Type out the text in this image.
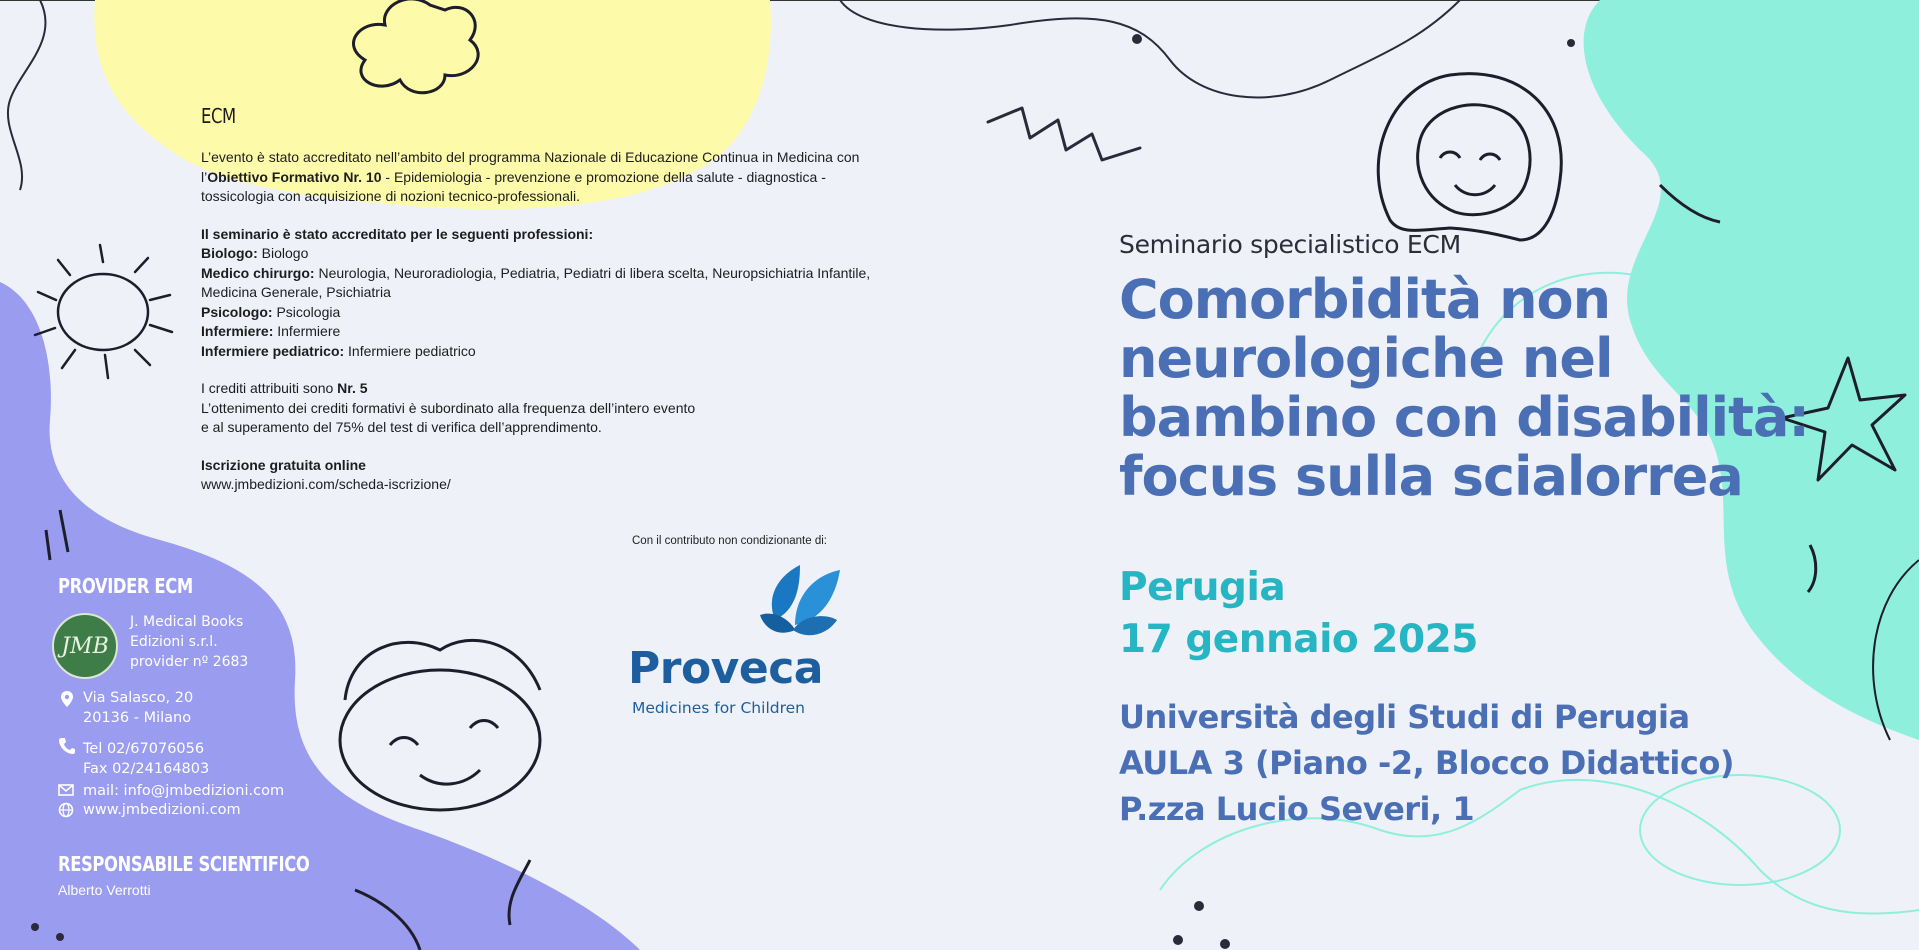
ECM

L’evento è stato accreditato nell’ambito del programma Nazionale di Educazione Continua in Medicina con l’Obiettivo Formativo Nr. 10 - Epidemiologia - prevenzione e promozione della salute - diagnostica - tossicologia con acquisizione di nozioni tecnico-professionali.

Il seminario è stato accreditato per le seguenti professioni:
Biologo: Biologo
Medico chirurgo: Neurologia, Neuroradiologia, Pediatria, Pediatri di libera scelta, Neuropsichiatria Infantile, Medicina Generale, Psichiatria
Psicologo: Psicologia
Infermiere: Infermiere
Infermiere pediatrico: Infermiere pediatrico

I crediti attribuiti sono Nr. 5
L’ottenimento dei crediti formativi è subordinato alla frequenza dell’intero evento
e al superamento del 75% del test di verifica dell’apprendimento.

Iscrizione gratuita online
www.jmbedizioni.com/scheda-iscrizione/

Con il contributo non condizionante di:
Proveca
Medicines for Children
PROVIDER ECM
JMB
J. Medical Books
Edizioni s.r.l.
provider nº 2683
Via Salasco, 20
20136 - Milano
Tel 02/67076056
Fax 02/24164803
mail: info@jmbedizioni.com
www.jmbedizioni.com
RESPONSABILE SCIENTIFICO
Alberto Verrotti
Seminario specialistico ECM
Comorbidità non
neurologiche nel
bambino con disabilità:
focus sulla scialorrea
Perugia
17 gennaio 2025
Università degli Studi di Perugia
AULA 3 (Piano -2, Blocco Didattico)
P.zza Lucio Severi, 1
